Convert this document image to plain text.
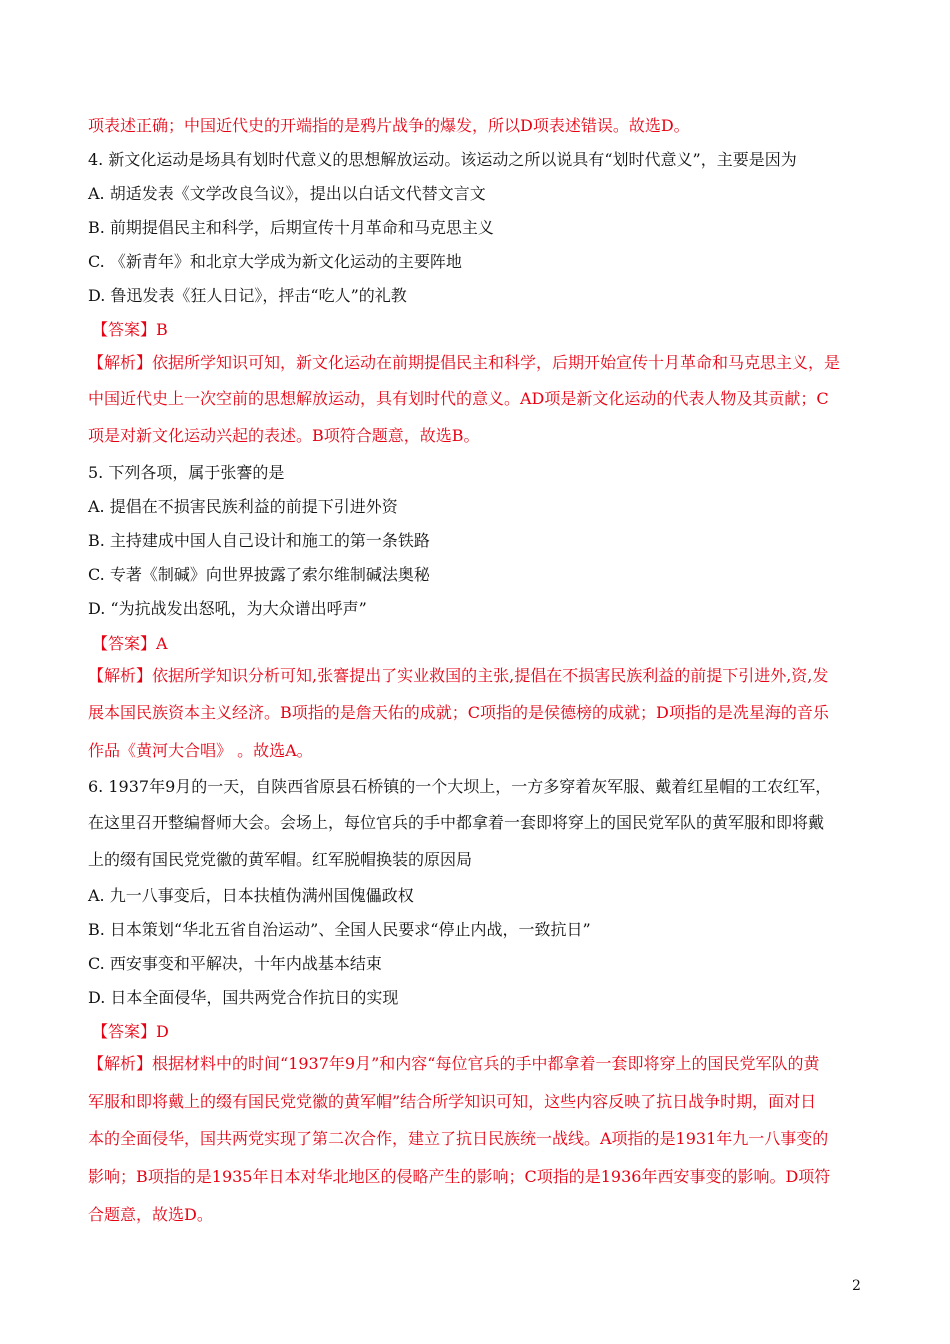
项表述正确；中国近代史的开端指的是鸦片战争的爆发，所以D项表述错误。故选D。
4. 新文化运动是场具有划时代意义的思想解放运动。该运动之所以说具有“划时代意义”，主要是因为
A. 胡适发表《文学改良刍议》，提出以白话文代替文言文
B. 前期提倡民主和科学，后期宣传十月革命和马克思主义
C. 《新青年》和北京大学成为新文化运动的主要阵地
D. 鲁迅发表《狂人日记》，抨击“吃人”的礼教
【答案】B
【解析】依据所学知识可知，新文化运动在前期提倡民主和科学，后期开始宣传十月革命和马克思主义，是
中国近代史上一次空前的思想解放运动，具有划时代的意义。AD项是新文化运动的代表人物及其贡献；C
项是对新文化运动兴起的表述。B项符合题意，故选B。
5. 下列各项，属于张謇的是
A. 提倡在不损害民族利益的前提下引进外资
B. 主持建成中国人自己设计和施工的第一条铁路
C. 专著《制碱》向世界披露了索尔维制碱法奥秘
D. “为抗战发出怒吼，为大众谱出呼声”
【答案】A
【解析】依据所学知识分析可知,张謇提出了实业救国的主张,提倡在不损害民族利益的前提下引进外,资,发
展本国民族资本主义经济。B项指的是詹天佑的成就；C项指的是侯德榜的成就；D项指的是冼星海的音乐
作品《黄河大合唱》 。故选A。
6. 1937年9月的一天，自陕西省原县石桥镇的一个大坝上，一方多穿着灰军服、戴着红星帽的工农红军，
在这里召开整编督师大会。会场上，每位官兵的手中都拿着一套即将穿上的国民党军队的黄军服和即将戴
上的缀有国民党党徽的黄军帽。红军脱帽换装的原因局
A. 九一八事变后，日本扶植伪满州国傀儡政权
B. 日本策划“华北五省自治运动”、全国人民要求“停止内战，一致抗日”
C. 西安事变和平解决，十年内战基本结束
D. 日本全面侵华，国共两党合作抗日的实现
【答案】D
【解析】根据材料中的时间“1937年9月”和内容“每位官兵的手中都拿着一套即将穿上的国民党军队的黄
军服和即将戴上的缀有国民党党徽的黄军帽”结合所学知识可知，这些内容反映了抗日战争时期，面对日
本的全面侵华，国共两党实现了第二次合作，建立了抗日民族统一战线。A项指的是1931年九一八事变的
影响；B项指的是1935年日本对华北地区的侵略产生的影响；C项指的是1936年西安事变的影响。D项符
合题意，故选D。
2
